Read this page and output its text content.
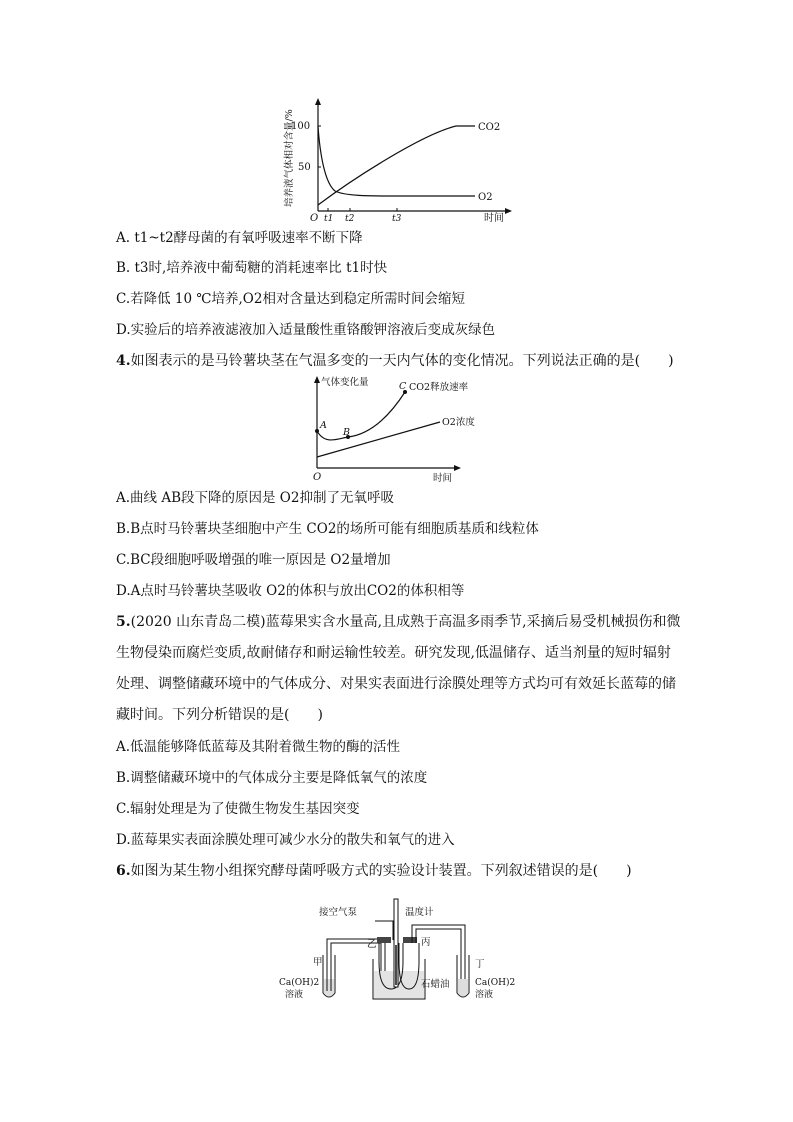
100
50
O t1 t2	t3	时间
CO2
O2
培养液气体相对含量/%
A. t1~t2酵母菌的有氧呼吸速率不断下降
B. t3时,培养液中葡萄糖的消耗速率比 t1时快
C.若降低 10 ℃培养,O2相对含量达到稳定所需时间会缩短
D.实验后的培养液滤液加入适量酸性重铬酸钾溶液后变成灰绿色
4.如图表示的是马铃薯块茎在气温多变的一天内气体的变化情况。下列说法正确的是(　　)
气体变化量
A
B
C CO2释放速率
O2浓度
O	时间
A.曲线 AB段下降的原因是 O2抑制了无氧呼吸
B.B点时马铃薯块茎细胞中产生 CO2的场所可能有细胞质基质和线粒体
C.BC段细胞呼吸增强的唯一原因是 O2量增加
D.A点时马铃薯块茎吸收 O2的体积与放出CO2的体积相等
5.(2020 山东青岛二模)蓝莓果实含水量高,且成熟于高温多雨季节,采摘后易受机械损伤和微
生物侵染而腐烂变质,故耐储存和耐运输性较差。研究发现,低温储存、适当剂量的短时辐射
处理、调整储藏环境中的气体成分、对果实表面进行涂膜处理等方式均可有效延长蓝莓的储
藏时间。下列分析错误的是(　　)
A.低温能够降低蓝莓及其附着微生物的酶的活性
B.调整储藏环境中的气体成分主要是降低氧气的浓度
C.辐射处理是为了使微生物发生基因突变
D.蓝莓果实表面涂膜处理可减少水分的散失和氧气的进入
6.如图为某生物小组探究酵母菌呼吸方式的实验设计装置。下列叙述错误的是(　　)
接空气泵	温度计
乙	丙
甲	丁
石蜡油
Ca(OH)2
溶液
Ca(OH)2
溶液
